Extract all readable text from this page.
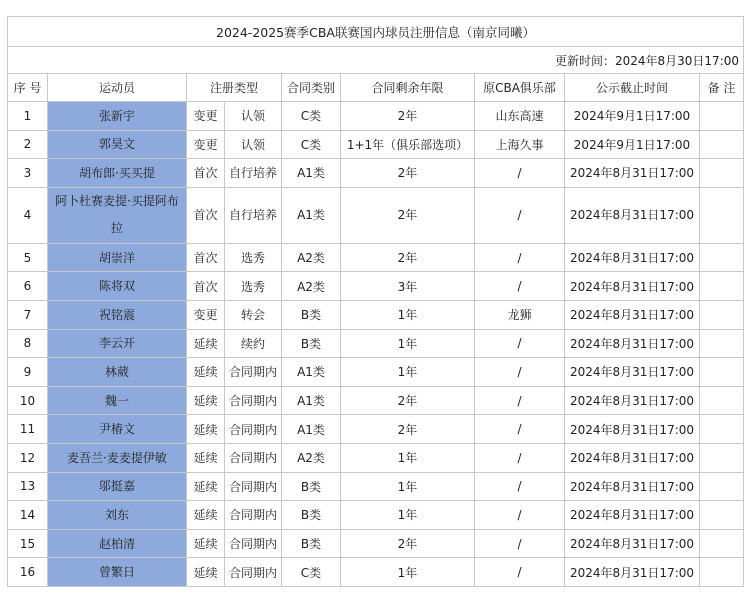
2024-2025赛季CBA联赛国内球员注册信息（南京同曦）								
更新时间：2024年8月30日17:00								
序 号	运动员	注册类型		合同类别	合同剩余年限	原CBA俱乐部	公示截止时间	备 注
1	张新宇	变更	认领	C类	2年	山东高速	2024年9月1日17:00	
2	郭昊文	变更	认领	C类	1+1年（俱乐部选项）	上海久事	2024年9月1日17:00	
3	胡布郎·买买提	首次	自行培养	A1类	2年	/	2024年8月31日17:00	
4	阿卜杜赛麦提·买提阿布拉	首次	自行培养	A1类	2年	/	2024年8月31日17:00	
5	胡崇洋	首次	选秀	A2类	2年	/	2024年8月31日17:00	
6	陈将双	首次	选秀	A2类	3年	/	2024年8月31日17:00	
7	祝铭震	变更	转会	B类	1年	龙狮	2024年8月31日17:00	
8	李云开	延续	续约	B类	1年	/	2024年8月31日17:00	
9	林葳	延续	合同期内	A1类	1年	/	2024年8月31日17:00	
10	魏一	延续	合同期内	A1类	2年	/	2024年8月31日17:00	
11	尹椿文	延续	合同期内	A1类	2年	/	2024年8月31日17:00	
12	麦吾兰·麦麦提伊敏	延续	合同期内	A2类	1年	/	2024年8月31日17:00	
13	邬挺嘉	延续	合同期内	B类	1年	/	2024年8月31日17:00	
14	刘东	延续	合同期内	B类	1年	/	2024年8月31日17:00	
15	赵柏清	延续	合同期内	B类	2年	/	2024年8月31日17:00	
16	曾繁日	延续	合同期内	C类	1年	/	2024年8月31日17:00	
